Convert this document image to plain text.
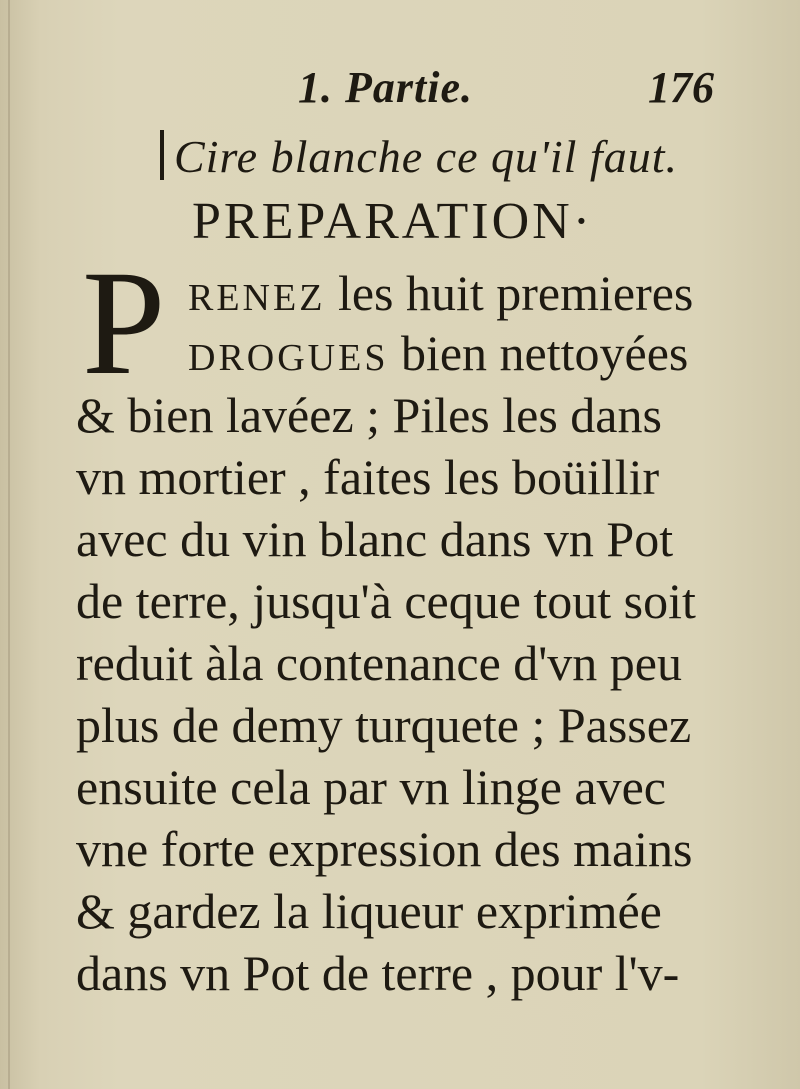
1. Partie.	176
Cire blanche ce qu'il faut.
PREPARATION·
P RENEZ les huit premieres
DROGUES bien nettoyées
& bien lavéez ; Piles les dans
vn mortier , faites les boüillir
avec du vin blanc dans vn Pot
de terre, jusqu'à ceque tout soit
reduit àla contenance d'vn peu
plus de demy turquete ; Passez
ensuite cela par vn linge avec
vne forte expression des mains
& gardez la liqueur exprimée
dans vn Pot de terre , pour l'v-
